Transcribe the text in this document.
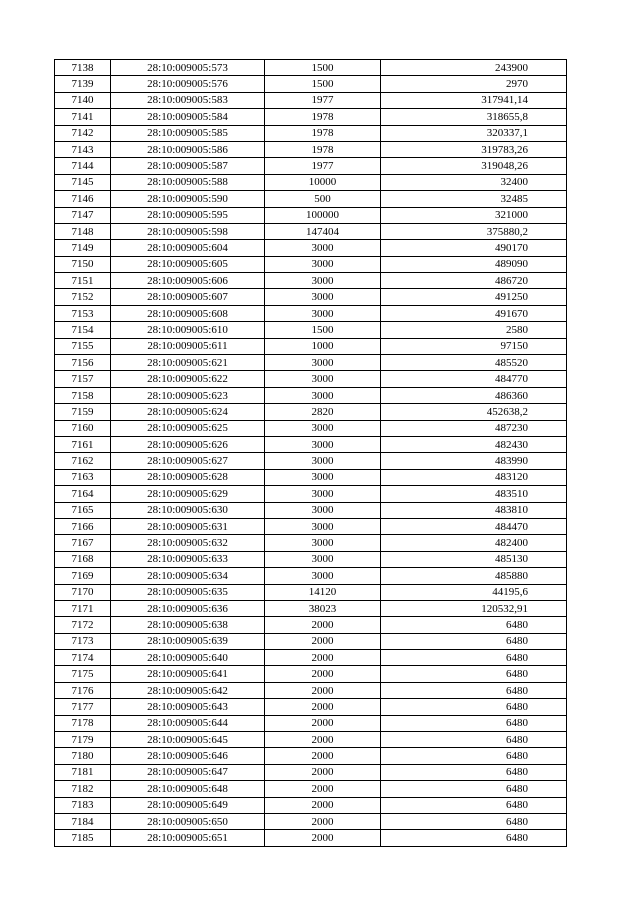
7138	28:10:009005:573	1500	243900
7139	28:10:009005:576	1500	2970
7140	28:10:009005:583	1977	317941,14
7141	28:10:009005:584	1978	318655,8
7142	28:10:009005:585	1978	320337,1
7143	28:10:009005:586	1978	319783,26
7144	28:10:009005:587	1977	319048,26
7145	28:10:009005:588	10000	32400
7146	28:10:009005:590	500	32485
7147	28:10:009005:595	100000	321000
7148	28:10:009005:598	147404	375880,2
7149	28:10:009005:604	3000	490170
7150	28:10:009005:605	3000	489090
7151	28:10:009005:606	3000	486720
7152	28:10:009005:607	3000	491250
7153	28:10:009005:608	3000	491670
7154	28:10:009005:610	1500	2580
7155	28:10:009005:611	1000	97150
7156	28:10:009005:621	3000	485520
7157	28:10:009005:622	3000	484770
7158	28:10:009005:623	3000	486360
7159	28:10:009005:624	2820	452638,2
7160	28:10:009005:625	3000	487230
7161	28:10:009005:626	3000	482430
7162	28:10:009005:627	3000	483990
7163	28:10:009005:628	3000	483120
7164	28:10:009005:629	3000	483510
7165	28:10:009005:630	3000	483810
7166	28:10:009005:631	3000	484470
7167	28:10:009005:632	3000	482400
7168	28:10:009005:633	3000	485130
7169	28:10:009005:634	3000	485880
7170	28:10:009005:635	14120	44195,6
7171	28:10:009005:636	38023	120532,91
7172	28:10:009005:638	2000	6480
7173	28:10:009005:639	2000	6480
7174	28:10:009005:640	2000	6480
7175	28:10:009005:641	2000	6480
7176	28:10:009005:642	2000	6480
7177	28:10:009005:643	2000	6480
7178	28:10:009005:644	2000	6480
7179	28:10:009005:645	2000	6480
7180	28:10:009005:646	2000	6480
7181	28:10:009005:647	2000	6480
7182	28:10:009005:648	2000	6480
7183	28:10:009005:649	2000	6480
7184	28:10:009005:650	2000	6480
7185	28:10:009005:651	2000	6480
